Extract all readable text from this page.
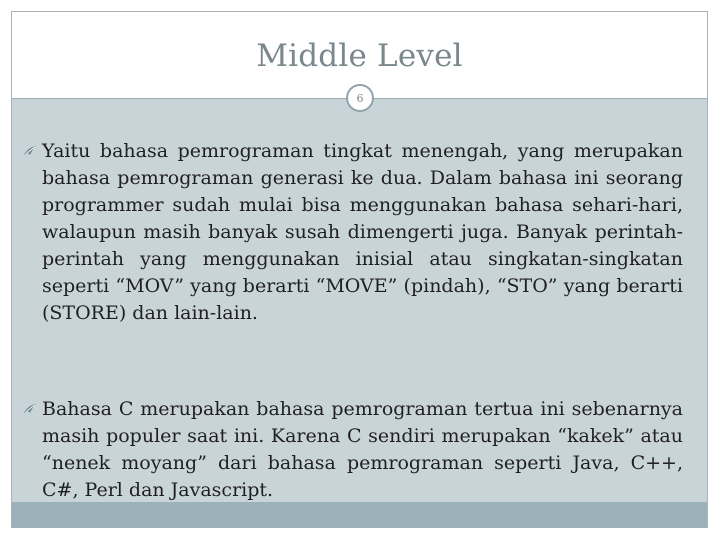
Middle Level
6
Yaitu bahasa pemrograman tingkat menengah, yang merupakan bahasa pemrograman generasi ke dua. Dalam bahasa ini seorang programmer sudah mulai bisa menggunakan bahasa sehari-hari, walaupun masih banyak susah dimengerti juga. Banyak perintah-perintah yang menggunakan inisial atau singkatan-singkatan seperti “MOV” yang berarti “MOVE” (pindah), “STO” yang berarti (STORE) dan lain-lain.
Bahasa C merupakan bahasa pemrograman tertua ini sebenarnya masih populer saat ini. Karena C sendiri merupakan “kakek” atau “nenek moyang” dari bahasa pemrograman seperti Java, C++, C#, Perl dan Javascript.
